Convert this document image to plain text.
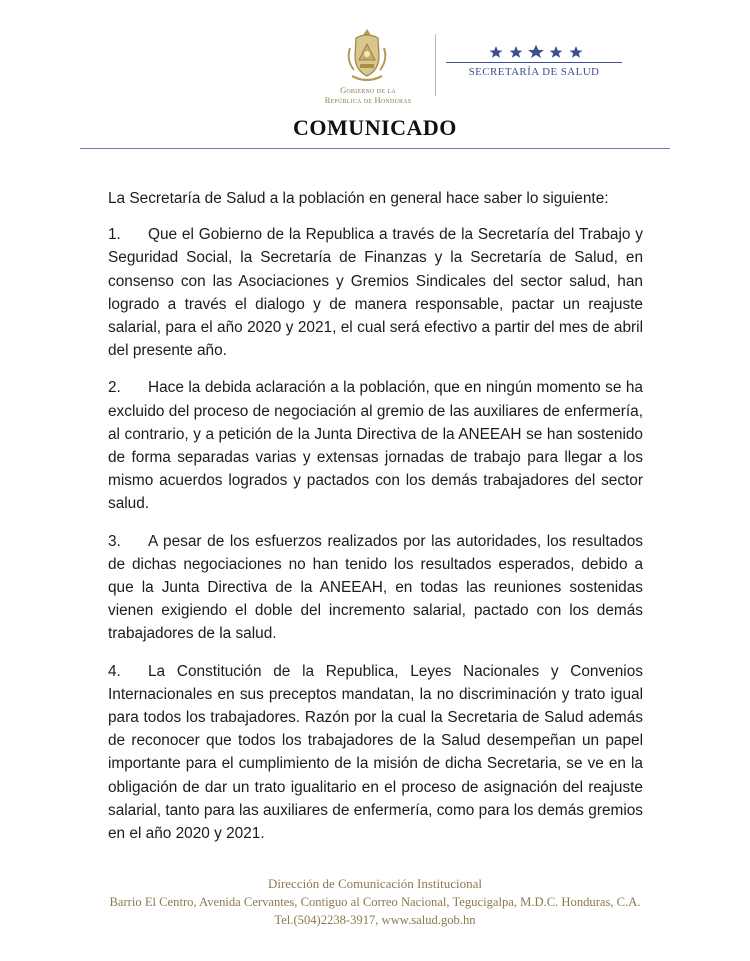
Gobierno de la
República de Honduras
SECRETARÍA DE SALUD
COMUNICADO

La Secretaría de Salud a la población en general hace saber lo siguiente:

1. Que el Gobierno de la Republica a través de la Secretaría del Trabajo y Seguridad Social, la Secretaría de Finanzas y la Secretaría de Salud, en consenso con las Asociaciones y Gremios Sindicales del sector salud, han logrado a través el dialogo y de manera responsable, pactar un reajuste salarial, para el año 2020 y 2021, el cual será efectivo a partir del mes de abril del presente año.

2. Hace la debida aclaración a la población, que en ningún momento se ha excluido del proceso de negociación al gremio de las auxiliares de enfermería, al contrario, y a petición de la Junta Directiva de la ANEEAH se han sostenido de forma separadas varias y extensas jornadas de trabajo para llegar a los mismo acuerdos logrados y pactados con los demás trabajadores del sector salud.

3. A pesar de los esfuerzos realizados por las autoridades, los resultados de dichas negociaciones no han tenido los resultados esperados, debido a que la Junta Directiva de la ANEEAH, en todas las reuniones sostenidas vienen exigiendo el doble del incremento salarial, pactado con los demás trabajadores de la salud.

4. La Constitución de la Republica, Leyes Nacionales y Convenios Internacionales en sus preceptos mandatan, la no discriminación y trato igual para todos los trabajadores. Razón por la cual la Secretaria de Salud además de reconocer que todos los trabajadores de la Salud desempeñan un papel importante para el cumplimiento de la misión de dicha Secretaria, se ve en la obligación de dar un trato igualitario en el proceso de asignación del reajuste salarial, tanto para las auxiliares de enfermería, como para los demás gremios en el año 2020 y 2021.

Dirección de Comunicación Institucional
Barrio El Centro, Avenida Cervantes, Contiguo al Correo Nacional, Tegucigalpa, M.D.C. Honduras, C.A.
Tel.(504)2238-3917, www.salud.gob.hn
